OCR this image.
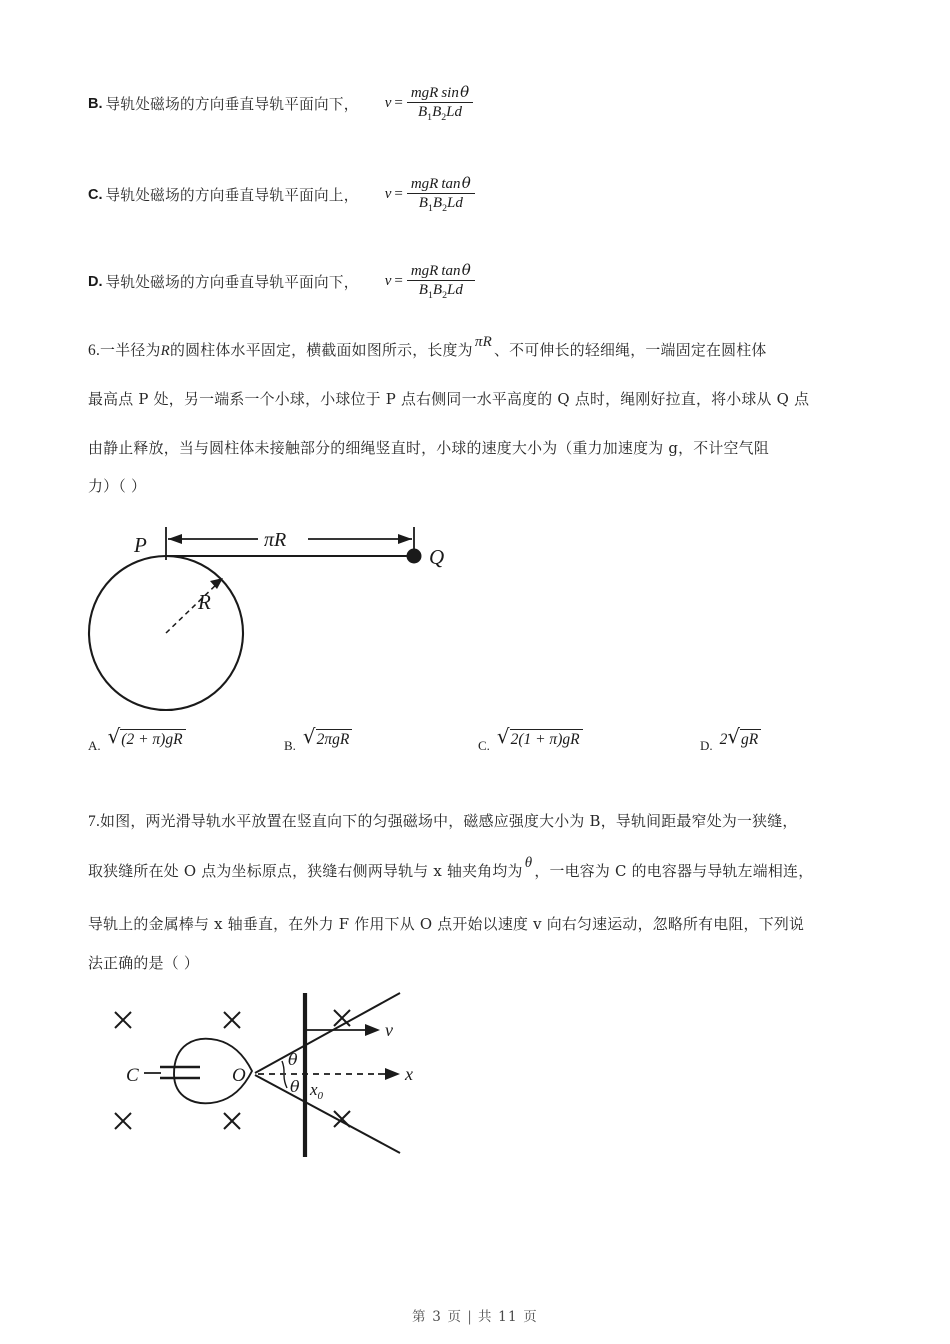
B. 导轨处磁场的方向垂直导轨平面向下， $v = \frac{\text{mgR sin θ}}{B_1B_2Ld}$
C. 导轨处磁场的方向垂直导轨平面向上， $v = \frac{\text{mgR tan θ}}{B_1B_2Ld}$
D. 导轨处磁场的方向垂直导轨平面向下， $v = \frac{\text{mgR tan θ}}{B_1B_2Ld}$
6.一半径为R的圆柱体水平固定，横截面如图所示，长度为 πR 、不可伸长的轻细绳，一端固定在圆柱体
最高点 P 处，另一端系一个小球，小球位于 P 点右侧同一水平高度的 Q 点时，绳刚好拉直，将小球从 Q 点
由静止释放，当与圆柱体未接触部分的细绳竖直时，小球的速度大小为（重力加速度为 g，不计空气阻
力）（ ）
P	Q
πR
R
A. √ (2 + π)gR	B. √ 2πgR	C. √ 2(1 + π)gR	D. 2 √ gR
7.如图，两光滑导轨水平放置在竖直向下的匀强磁场中，磁感应强度大小为 B，导轨间距最窄处为一狭缝，
取狭缝所在处 O 点为坐标原点，狭缝右侧两导轨与 x 轴夹角均为 θ ，一电容为 C 的电容器与导轨左端相连，
导轨上的金属棒与 x 轴垂直，在外力 F 作用下从 O 点开始以速度 v 向右匀速运动，忽略所有电阻，下列说
法正确的是（ ）
C	O
θ
θ
v
x
$x_0$
第 3 页 | 共 11 页
